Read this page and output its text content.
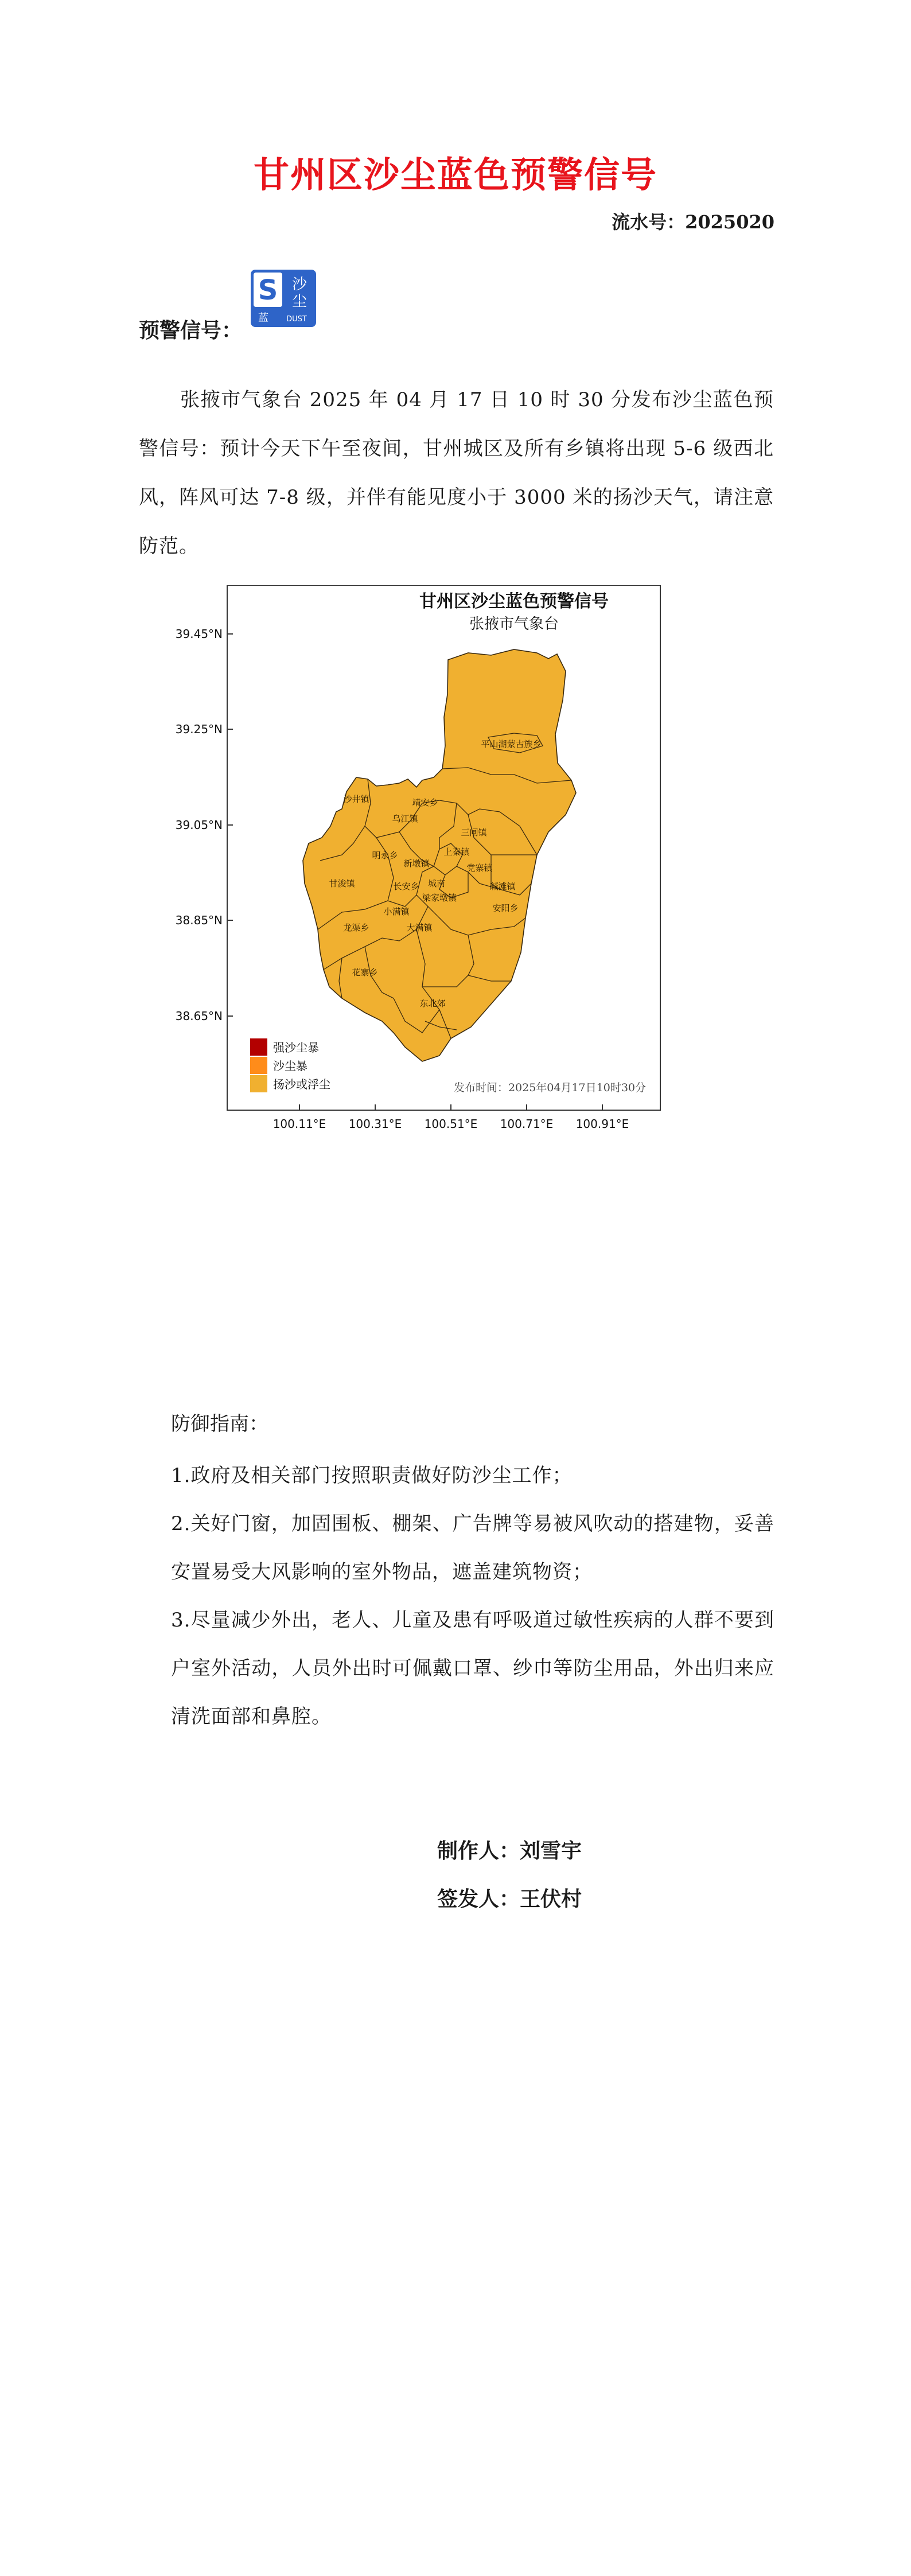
甘州区沙尘蓝色预警信号
流水号：2025020
预警信号：
S 沙
尘
蓝 DUST
张掖市气象台 2025 年 04 月 17 日 10 时 30 分发布沙尘蓝色预警信号：预计今天下午至夜间，甘州城区及所有乡镇将出现 5-6 级西北风，阵风可达 7-8 级，并伴有能见度小于 3000 米的扬沙天气，请注意防范。
甘州区沙尘蓝色预警信号
张掖市气象台
39.45°N
39.25°N
39.05°N
38.85°N
38.65°N
100.11°E 100.31°E 100.51°E 100.71°E 100.91°E
平山湖蒙古族乡
沙井镇	靖安乡
乌江镇
三闸镇
明永乡
党寨镇
甘浚镇	城南	碱滩镇
小满镇	安阳乡
龙渠乡	大满镇
花寨乡
东北郊
新墩镇
长安乡
上秦镇
梁家墩镇
强沙尘暴
沙尘暴
扬沙或浮尘	发布时间：2025年04月17日10时30分
防御指南：

1.政府及相关部门按照职责做好防沙尘工作；

2.关好门窗，加固围板、棚架、广告牌等易被风吹动的搭建物，妥善安置易受大风影响的室外物品，遮盖建筑物资；

3.尽量减少外出，老人、儿童及患有呼吸道过敏性疾病的人群不要到户室外活动，人员外出时可佩戴口罩、纱巾等防尘用品，外出归来应清洗面部和鼻腔。

制作人：刘雪宇
签发人：王伏村
